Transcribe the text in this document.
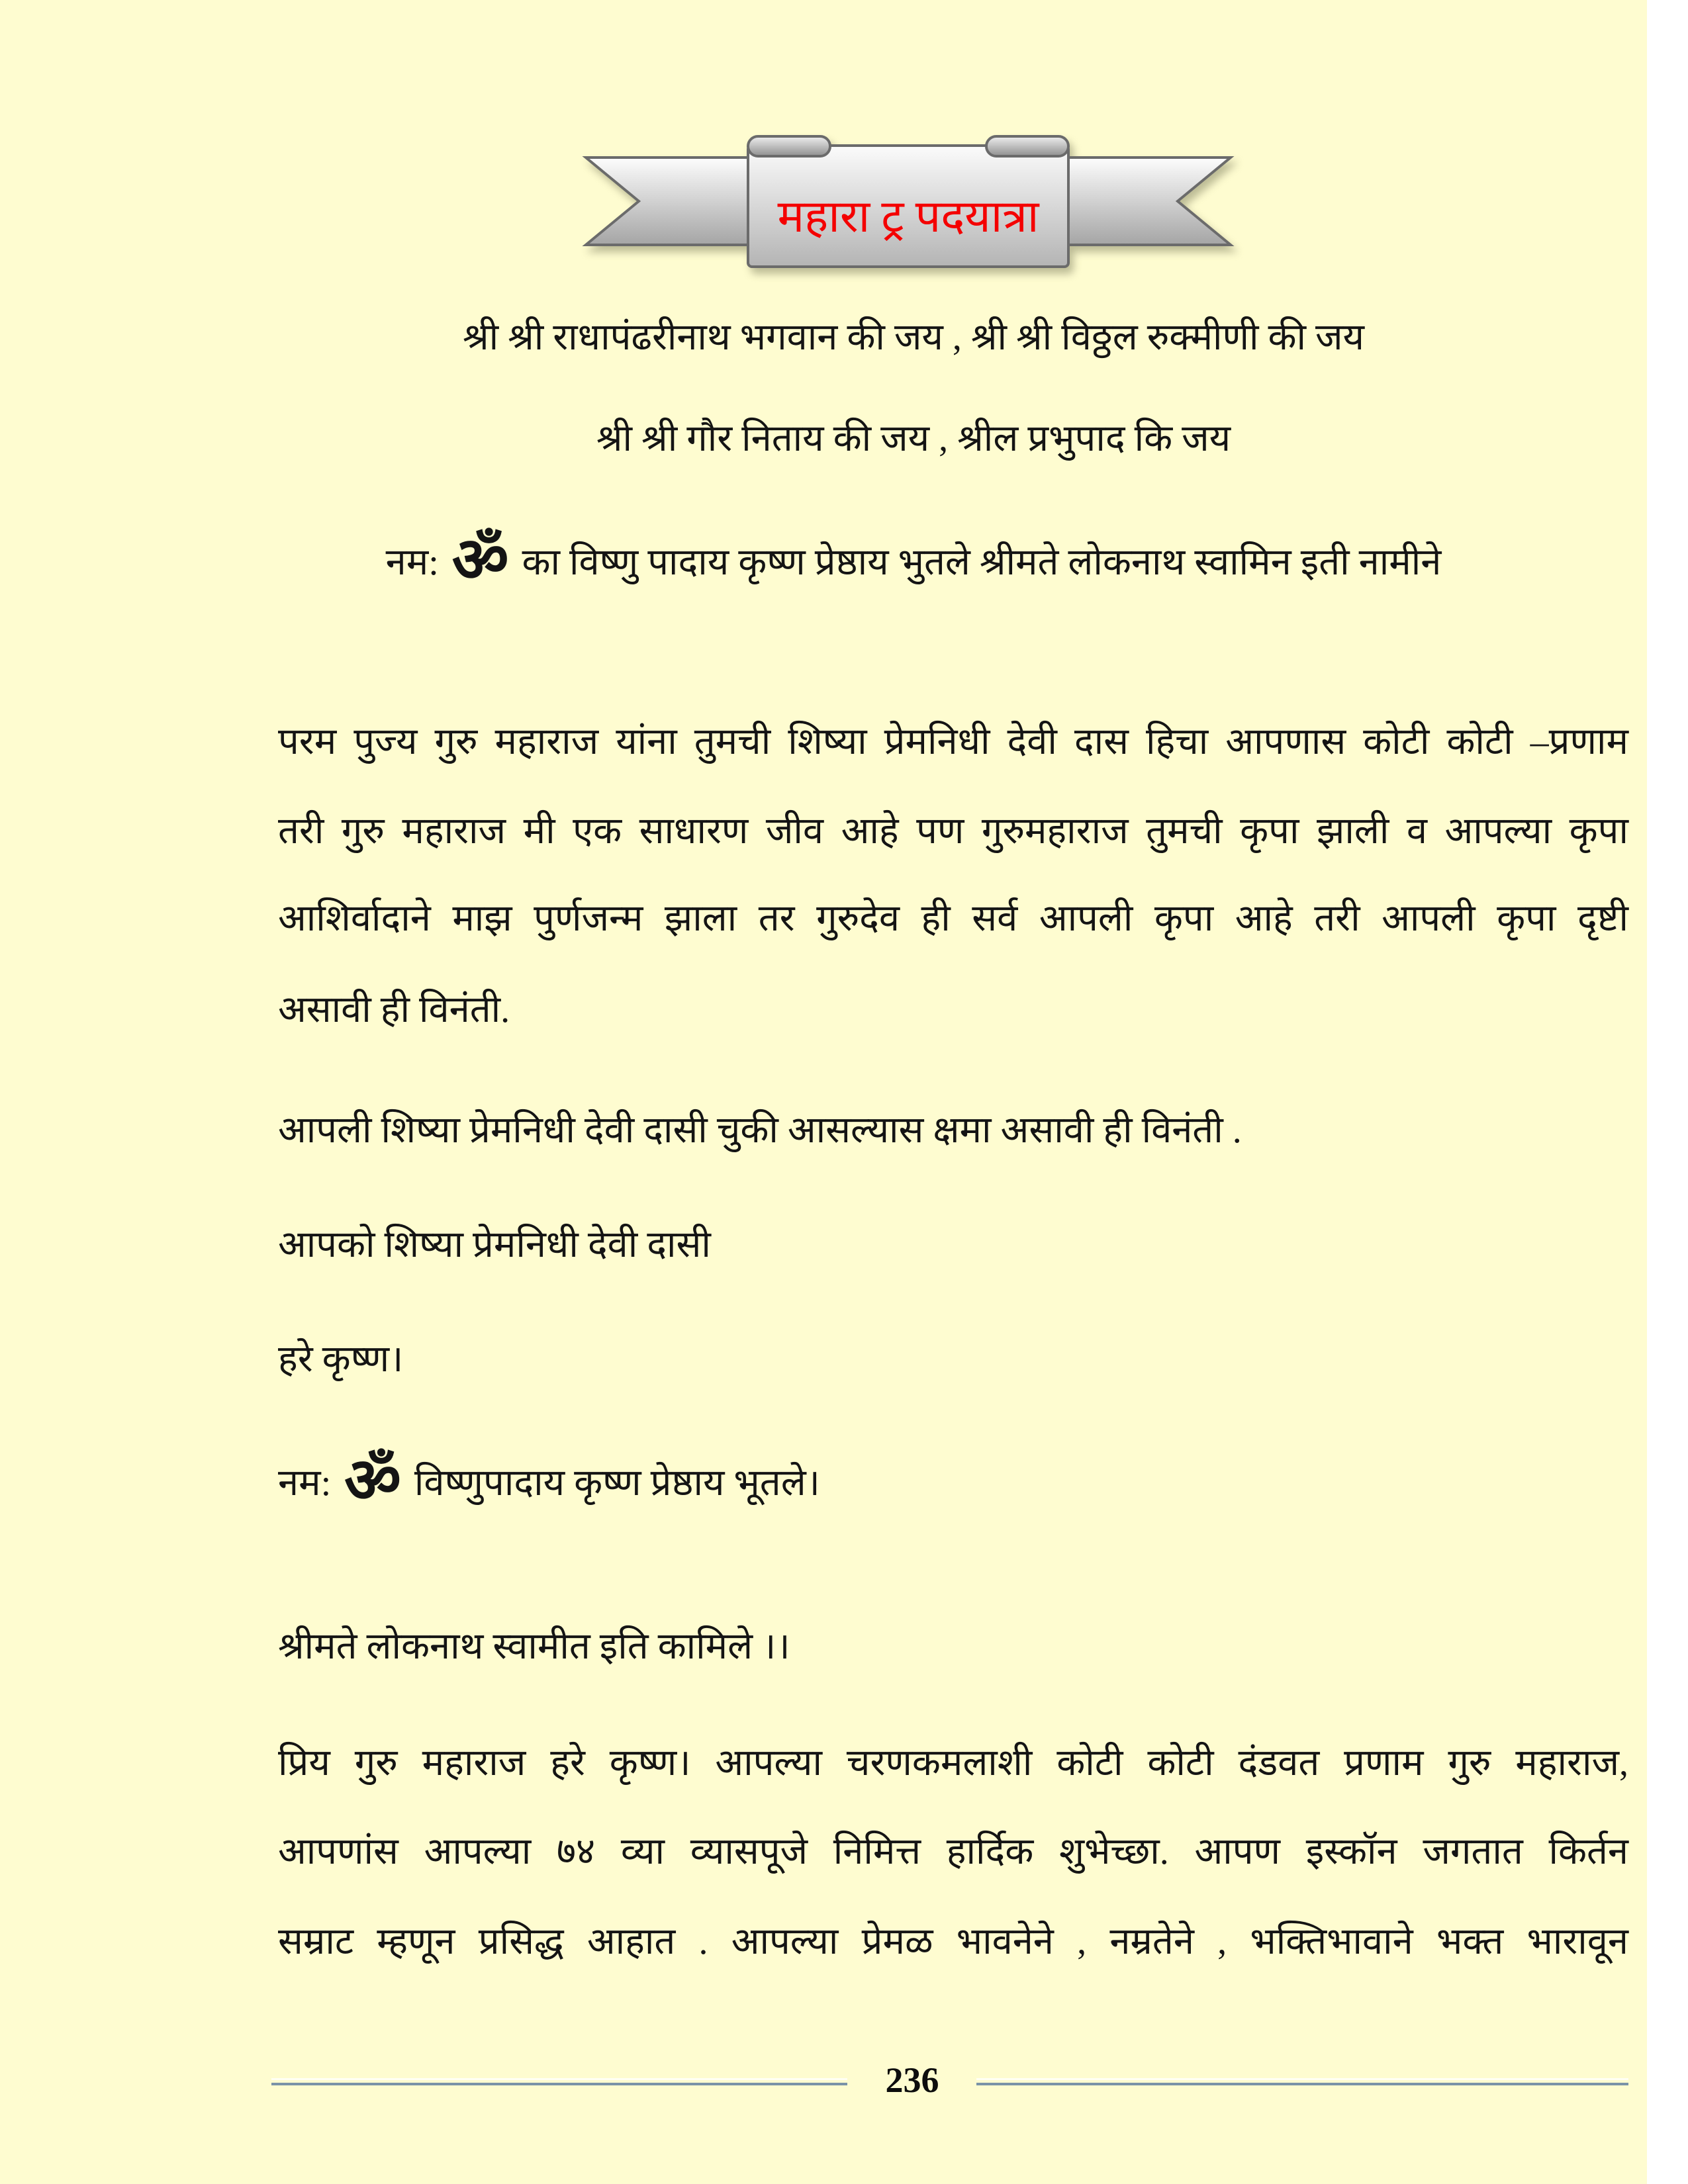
महारा ट्र पदयात्रा
श्री श्री राधापंढरीनाथ भगवान की जय , श्री श्री विठ्ठल रुक्मीणी की जय
श्री श्री गौर निताय की जय , श्रील प्रभुपाद कि जय
नम: ॐ का विष्णु पादाय कृष्ण प्रेष्ठाय भुतले श्रीमते लोकनाथ स्वामिन इती नामीने
परम पुज्य गुरु महाराज यांना तुमची शिष्या प्रेमनिधी देवी दास हिचा आपणास कोटी कोटी –प्रणाम
तरी गुरु महाराज मी एक साधारण जीव आहे पण गुरुमहाराज तुमची कृपा झाली व आपल्या कृपा
आशिर्वादाने माझ पुर्णजन्म झाला तर गुरुदेव ही सर्व आपली कृपा आहे तरी आपली कृपा दृष्टी
असावी ही विनंती.
आपली शिष्या प्रेमनिधी देवी दासी चुकी आसल्यास क्षमा असावी ही विनंती .
आपको शिष्या प्रेमनिधी देवी दासी
हरे कृष्ण।
नम: ॐ विष्णुपादाय कृष्ण प्रेष्ठाय भूतले।
श्रीमते लोकनाथ स्वामीत इति कामिले ।।
प्रिय गुरु महाराज हरे कृष्ण। आपल्या चरणकमलाशी कोटी कोटी दंडवत प्रणाम गुरु महाराज,
आपणांस आपल्या ७४ व्या व्यासपूजे निमित्त हार्दिक शुभेच्छा. आपण इस्कॉन जगतात किर्तन
सम्राट म्हणून प्रसिद्ध आहात . आपल्या प्रेमळ भावनेने , नम्रतेने , भक्तिभावाने भक्त भारावून
236
